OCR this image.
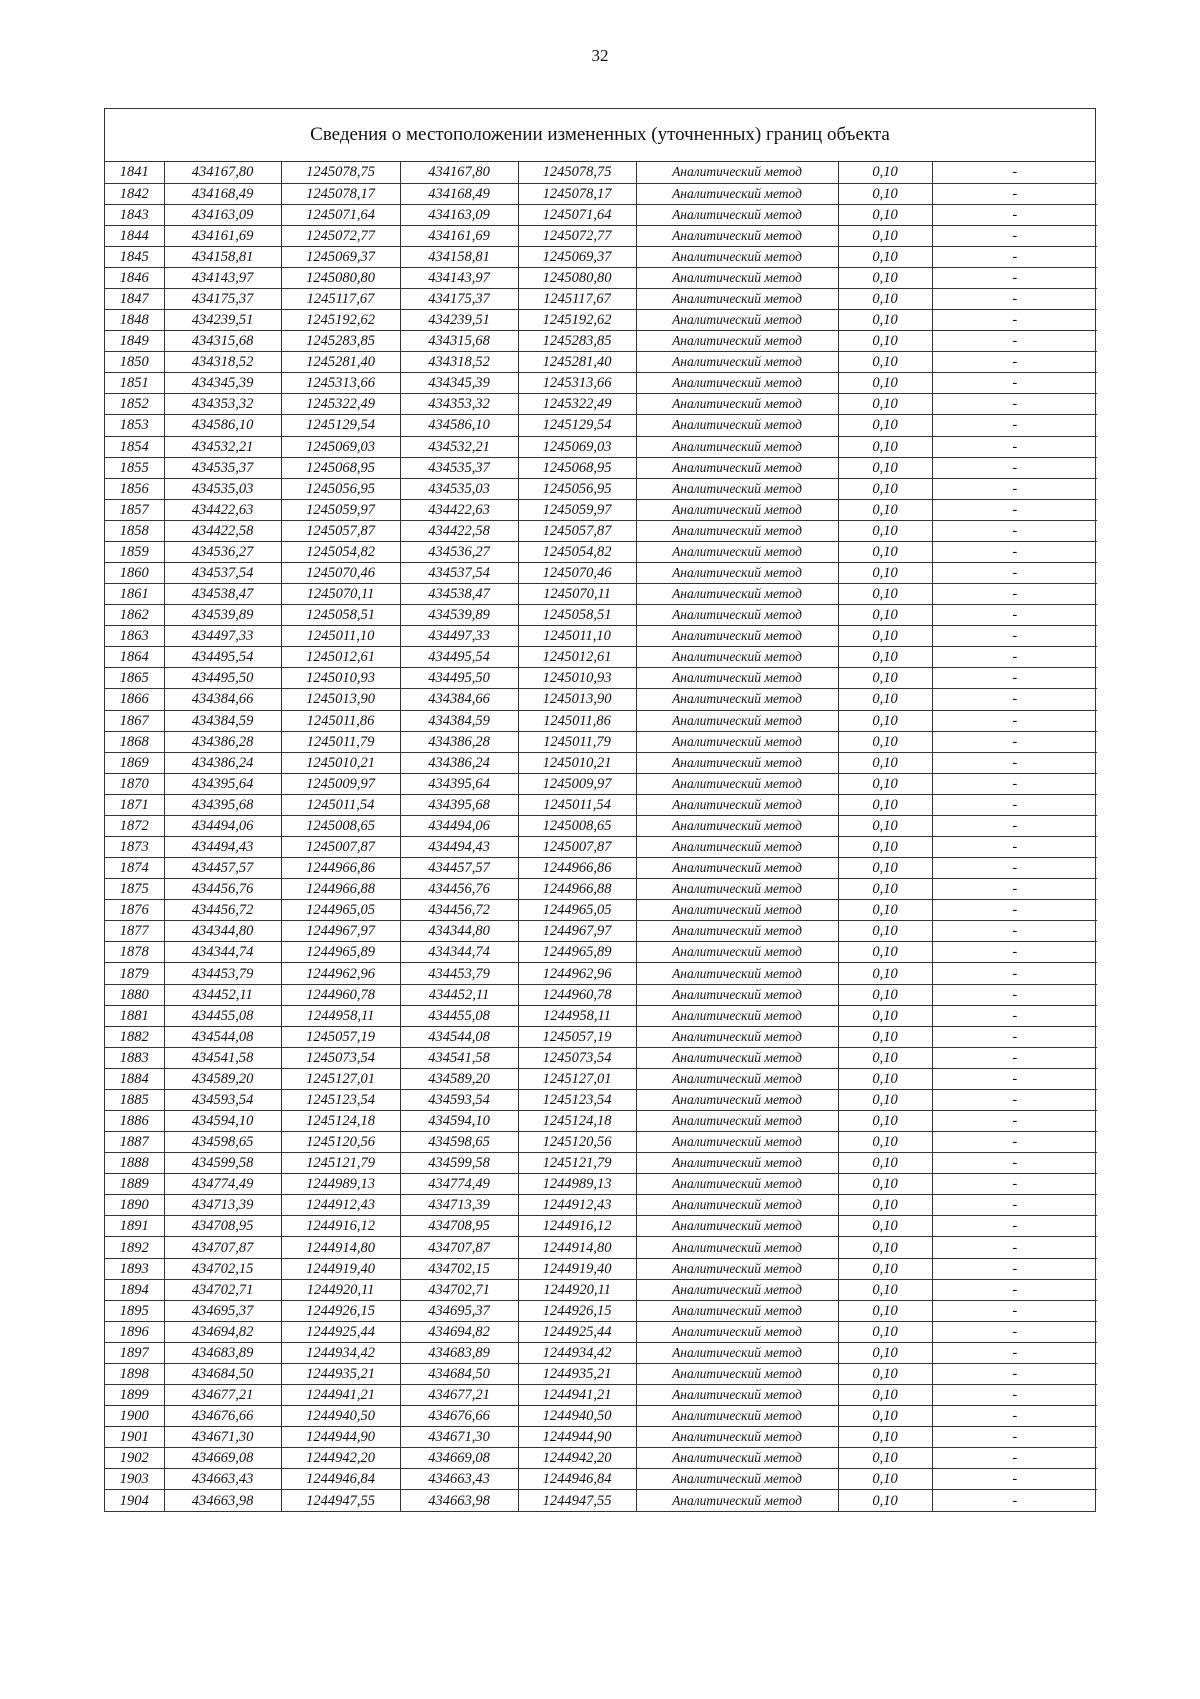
32
Сведения о местоположении измененных (уточненных) границ объекта
1841	434167,80	1245078,75	434167,80	1245078,75	Аналитический метод	0,10	-
1842	434168,49	1245078,17	434168,49	1245078,17	Аналитический метод	0,10	-
1843	434163,09	1245071,64	434163,09	1245071,64	Аналитический метод	0,10	-
1844	434161,69	1245072,77	434161,69	1245072,77	Аналитический метод	0,10	-
1845	434158,81	1245069,37	434158,81	1245069,37	Аналитический метод	0,10	-
1846	434143,97	1245080,80	434143,97	1245080,80	Аналитический метод	0,10	-
1847	434175,37	1245117,67	434175,37	1245117,67	Аналитический метод	0,10	-
1848	434239,51	1245192,62	434239,51	1245192,62	Аналитический метод	0,10	-
1849	434315,68	1245283,85	434315,68	1245283,85	Аналитический метод	0,10	-
1850	434318,52	1245281,40	434318,52	1245281,40	Аналитический метод	0,10	-
1851	434345,39	1245313,66	434345,39	1245313,66	Аналитический метод	0,10	-
1852	434353,32	1245322,49	434353,32	1245322,49	Аналитический метод	0,10	-
1853	434586,10	1245129,54	434586,10	1245129,54	Аналитический метод	0,10	-
1854	434532,21	1245069,03	434532,21	1245069,03	Аналитический метод	0,10	-
1855	434535,37	1245068,95	434535,37	1245068,95	Аналитический метод	0,10	-
1856	434535,03	1245056,95	434535,03	1245056,95	Аналитический метод	0,10	-
1857	434422,63	1245059,97	434422,63	1245059,97	Аналитический метод	0,10	-
1858	434422,58	1245057,87	434422,58	1245057,87	Аналитический метод	0,10	-
1859	434536,27	1245054,82	434536,27	1245054,82	Аналитический метод	0,10	-
1860	434537,54	1245070,46	434537,54	1245070,46	Аналитический метод	0,10	-
1861	434538,47	1245070,11	434538,47	1245070,11	Аналитический метод	0,10	-
1862	434539,89	1245058,51	434539,89	1245058,51	Аналитический метод	0,10	-
1863	434497,33	1245011,10	434497,33	1245011,10	Аналитический метод	0,10	-
1864	434495,54	1245012,61	434495,54	1245012,61	Аналитический метод	0,10	-
1865	434495,50	1245010,93	434495,50	1245010,93	Аналитический метод	0,10	-
1866	434384,66	1245013,90	434384,66	1245013,90	Аналитический метод	0,10	-
1867	434384,59	1245011,86	434384,59	1245011,86	Аналитический метод	0,10	-
1868	434386,28	1245011,79	434386,28	1245011,79	Аналитический метод	0,10	-
1869	434386,24	1245010,21	434386,24	1245010,21	Аналитический метод	0,10	-
1870	434395,64	1245009,97	434395,64	1245009,97	Аналитический метод	0,10	-
1871	434395,68	1245011,54	434395,68	1245011,54	Аналитический метод	0,10	-
1872	434494,06	1245008,65	434494,06	1245008,65	Аналитический метод	0,10	-
1873	434494,43	1245007,87	434494,43	1245007,87	Аналитический метод	0,10	-
1874	434457,57	1244966,86	434457,57	1244966,86	Аналитический метод	0,10	-
1875	434456,76	1244966,88	434456,76	1244966,88	Аналитический метод	0,10	-
1876	434456,72	1244965,05	434456,72	1244965,05	Аналитический метод	0,10	-
1877	434344,80	1244967,97	434344,80	1244967,97	Аналитический метод	0,10	-
1878	434344,74	1244965,89	434344,74	1244965,89	Аналитический метод	0,10	-
1879	434453,79	1244962,96	434453,79	1244962,96	Аналитический метод	0,10	-
1880	434452,11	1244960,78	434452,11	1244960,78	Аналитический метод	0,10	-
1881	434455,08	1244958,11	434455,08	1244958,11	Аналитический метод	0,10	-
1882	434544,08	1245057,19	434544,08	1245057,19	Аналитический метод	0,10	-
1883	434541,58	1245073,54	434541,58	1245073,54	Аналитический метод	0,10	-
1884	434589,20	1245127,01	434589,20	1245127,01	Аналитический метод	0,10	-
1885	434593,54	1245123,54	434593,54	1245123,54	Аналитический метод	0,10	-
1886	434594,10	1245124,18	434594,10	1245124,18	Аналитический метод	0,10	-
1887	434598,65	1245120,56	434598,65	1245120,56	Аналитический метод	0,10	-
1888	434599,58	1245121,79	434599,58	1245121,79	Аналитический метод	0,10	-
1889	434774,49	1244989,13	434774,49	1244989,13	Аналитический метод	0,10	-
1890	434713,39	1244912,43	434713,39	1244912,43	Аналитический метод	0,10	-
1891	434708,95	1244916,12	434708,95	1244916,12	Аналитический метод	0,10	-
1892	434707,87	1244914,80	434707,87	1244914,80	Аналитический метод	0,10	-
1893	434702,15	1244919,40	434702,15	1244919,40	Аналитический метод	0,10	-
1894	434702,71	1244920,11	434702,71	1244920,11	Аналитический метод	0,10	-
1895	434695,37	1244926,15	434695,37	1244926,15	Аналитический метод	0,10	-
1896	434694,82	1244925,44	434694,82	1244925,44	Аналитический метод	0,10	-
1897	434683,89	1244934,42	434683,89	1244934,42	Аналитический метод	0,10	-
1898	434684,50	1244935,21	434684,50	1244935,21	Аналитический метод	0,10	-
1899	434677,21	1244941,21	434677,21	1244941,21	Аналитический метод	0,10	-
1900	434676,66	1244940,50	434676,66	1244940,50	Аналитический метод	0,10	-
1901	434671,30	1244944,90	434671,30	1244944,90	Аналитический метод	0,10	-
1902	434669,08	1244942,20	434669,08	1244942,20	Аналитический метод	0,10	-
1903	434663,43	1244946,84	434663,43	1244946,84	Аналитический метод	0,10	-
1904	434663,98	1244947,55	434663,98	1244947,55	Аналитический метод	0,10	-
